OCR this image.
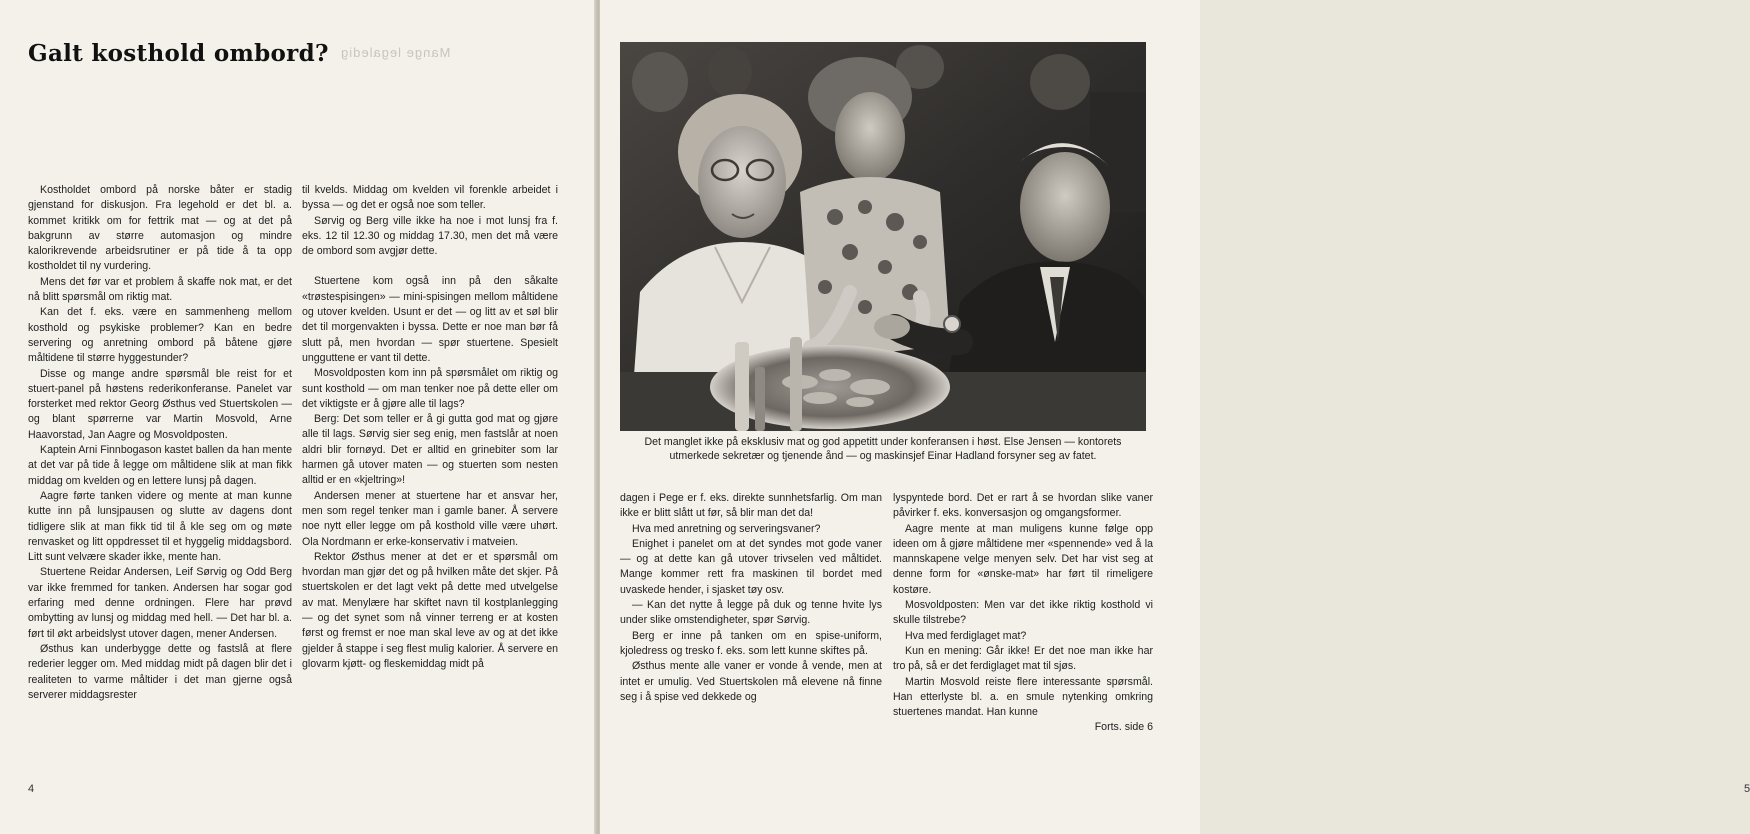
Galt kosthold ombord? Mange legaledig

Kostholdet ombord på norske båter er stadig gjenstand for diskusjon. Fra legehold er det bl. a. kommet kritikk om for fettrik mat — og at det på bakgrunn av større automasjon og mindre kalorikrevende arbeidsrutiner er på tide å ta opp kostholdet til ny vurdering.

Mens det før var et problem å skaffe nok mat, er det nå blitt spørsmål om riktig mat.

Kan det f. eks. være en sammenheng mellom kosthold og psykiske problemer? Kan en bedre servering og anretning ombord på båtene gjøre måltidene til større hyggestunder?

Disse og mange andre spørsmål ble reist for et stuert-panel på høstens rederikonferanse. Panelet var forsterket med rektor Georg Østhus ved Stuertskolen — og blant spørrerne var Martin Mosvold, Arne Haavorstad, Jan Aagre og Mosvoldposten.

Kaptein Arni Finnbogason kastet ballen da han mente at det var på tide å legge om måltidene slik at man fikk middag om kvelden og en lettere lunsj på dagen.

Aagre førte tanken videre og mente at man kunne kutte inn på lunsjpausen og slutte av dagens dont tidligere slik at man fikk tid til å kle seg om og møte renvasket og litt oppdresset til et hyggelig middagsbord. Litt sunt velvære skader ikke, mente han.

Stuertene Reidar Andersen, Leif Sørvig og Odd Berg var ikke fremmed for tanken. Andersen har sogar god erfaring med denne ordningen. Flere har prøvd ombytting av lunsj og middag med hell. — Det har bl. a. ført til økt arbeidslyst utover dagen, mener Andersen.

Østhus kan underbygge dette og fastslå at flere rederier legger om. Med middag midt på dagen blir det i realiteten to varme måltider i det man gjerne også serverer middagsrester

til kvelds. Middag om kvelden vil forenkle arbeidet i byssa — og det er også noe som teller.

Sørvig og Berg ville ikke ha noe i mot lunsj fra f. eks. 12 til 12.30 og middag 17.30, men det må være de ombord som avgjør dette.

Stuertene kom også inn på den såkalte «trøstespisingen» — mini-spisingen mellom måltidene og utover kvelden. Usunt er det — og litt av et søl blir det til morgenvakten i byssa. Dette er noe man bør få slutt på, men hvordan — spør stuertene. Spesielt ungguttene er vant til dette.

Mosvoldposten kom inn på spørsmålet om riktig og sunt kosthold — om man tenker noe på dette eller om det viktigste er å gjøre alle til lags?

Berg: Det som teller er å gi gutta god mat og gjøre alle til lags. Sørvig sier seg enig, men fastslår at noen aldri blir fornøyd. Det er alltid en grinebiter som lar harmen gå utover maten — og stuerten som nesten alltid er en «kjeltring»!

Andersen mener at stuertene har et ansvar her, men som regel tenker man i gamle baner. Å servere noe nytt eller legge om på kosthold ville være uhørt. Ola Nordmann er erke-konservativ i matveien.

Rektor Østhus mener at det er et spørsmål om hvordan man gjør det og på hvilken måte det skjer. På stuertskolen er det lagt vekt på dette med utvelgelse av mat. Menylære har skiftet navn til kostplanlegging — og det synet som nå vinner terreng er at kosten først og fremst er noe man skal leve av og at det ikke gjelder å stappe i seg flest mulig kalorier. Å servere en glovarm kjøtt- og fleskemiddag midt på

4	5

Det manglet ikke på eksklusiv mat og god appetitt under konferansen i høst. Else Jensen — kontorets utmerkede sekretær og tjenende ånd — og maskinsjef Einar Hadland forsyner seg av fatet.

dagen i Pege er f. eks. direkte sunnhetsfarlig. Om man ikke er blitt slått ut før, så blir man det da!

Hva med anretning og serveringsvaner?

Enighet i panelet om at det syndes mot gode vaner — og at dette kan gå utover trivselen ved måltidet. Mange kommer rett fra maskinen til bordet med uvaskede hender, i sjasket tøy osv.

— Kan det nytte å legge på duk og tenne hvite lys under slike omstendigheter, spør Sørvig.

Berg er inne på tanken om en spise-uniform, kjoledress og tresko f. eks. som lett kunne skiftes på.

Østhus mente alle vaner er vonde å vende, men at intet er umulig. Ved Stuertskolen må elevene nå finne seg i å spise ved dekkede og

lyspyntede bord. Det er rart å se hvordan slike vaner påvirker f. eks. konversasjon og omgangsformer.

Aagre mente at man muligens kunne følge opp ideen om å gjøre måltidene mer «spennende» ved å la mannskapene velge menyen selv. Det har vist seg at denne form for «ønske-mat» har ført til rimeligere kostøre.

Mosvoldposten: Men var det ikke riktig kosthold vi skulle tilstrebe?

Hva med ferdiglaget mat?

Kun en mening: Går ikke! Er det noe man ikke har tro på, så er det ferdiglaget mat til sjøs.

Martin Mosvold reiste flere interessante spørsmål. Han etterlyste bl. a. en smule nytenking omkring stuertenes mandat. Han kunne

Forts. side 6
